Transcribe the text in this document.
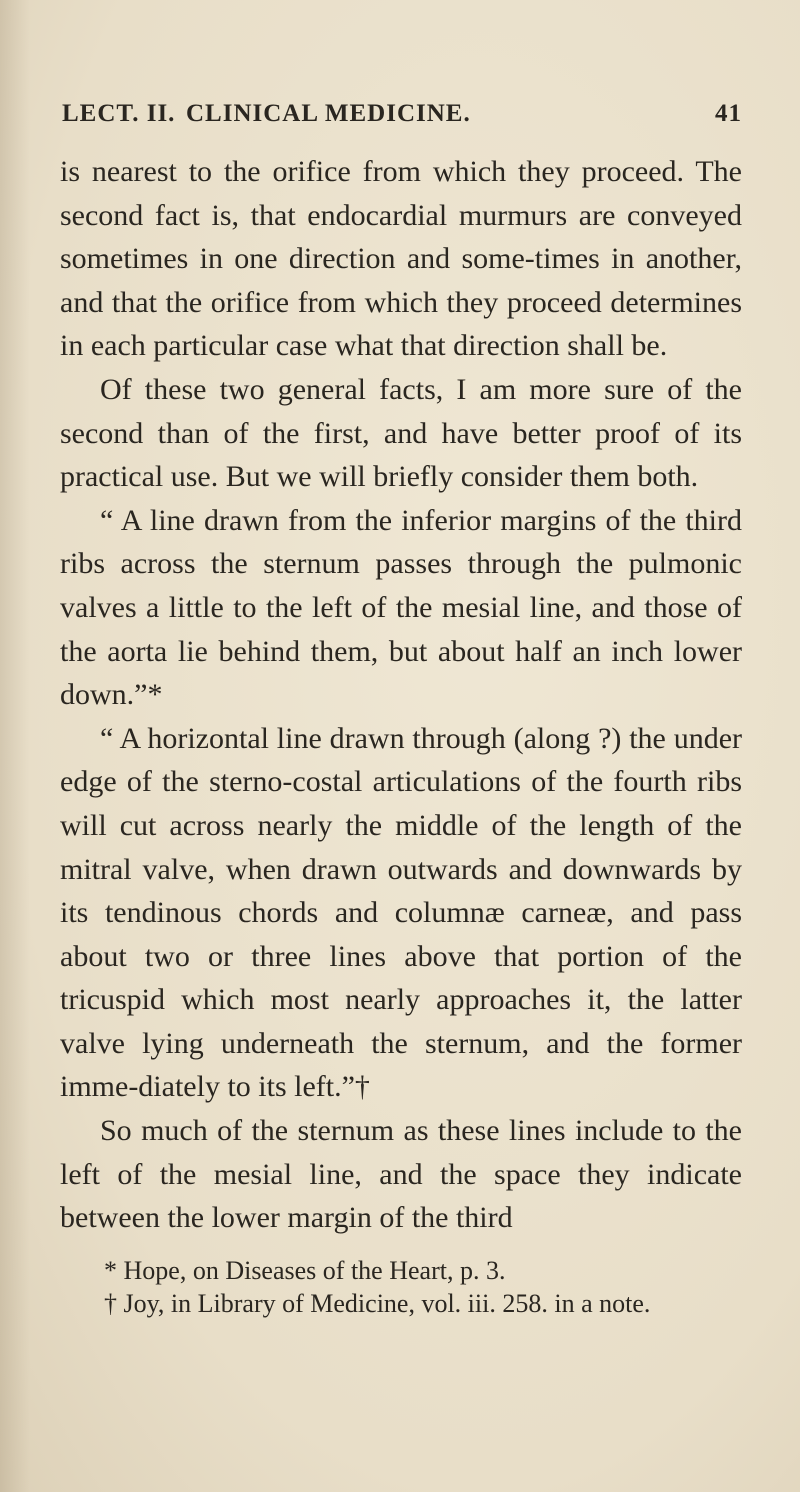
LECT. II. CLINICAL MEDICINE.	41

is nearest to the orifice from which they proceed. The second fact is, that endocardial murmurs are conveyed sometimes in one direction and some-times in another, and that the orifice from which they proceed determines in each particular case what that direction shall be.

Of these two general facts, I am more sure of the second than of the first, and have better proof of its practical use. But we will briefly consider them both.

“ A line drawn from the inferior margins of the third ribs across the sternum passes through the pulmonic valves a little to the left of the mesial line, and those of the aorta lie behind them, but about half an inch lower down.”*

“ A horizontal line drawn through (along ?) the under edge of the sterno-costal articulations of the fourth ribs will cut across nearly the middle of the length of the mitral valve, when drawn outwards and downwards by its tendinous chords and columnæ carneæ, and pass about two or three lines above that portion of the tricuspid which most nearly approaches it, the latter valve lying underneath the sternum, and the former imme-diately to its left.”†

So much of the sternum as these lines include to the left of the mesial line, and the space they indicate between the lower margin of the third

* Hope, on Diseases of the Heart, p. 3.

† Joy, in Library of Medicine, vol. iii. 258. in a note.
